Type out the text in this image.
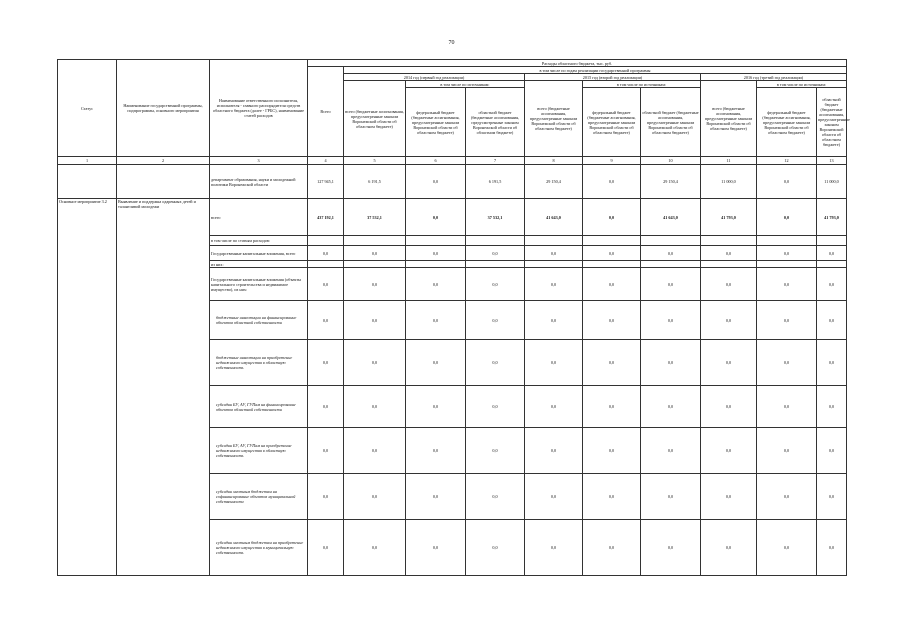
70
Статус	Наименование государственной программы, подпрограммы, основного мероприятия	Наименование ответственного исполнителя, исполнителя - главного распорядителя средств областного бюджета (далее - ГРБС), наименование статей расходов	Расходы областного бюджета, тыс. руб.									
			Всего	в том числе по годам реализации государственной программы								
				2014 год (первый год реализации)			2015 год (второй год реализации)			2016 год (третий год реализации)		
				всего (бюджетные ассигнования, предусмотренные законом Воронежской области об областном бюджете)	в том числе по источникам:		всего (бюджетные ассигнования, предусмотренные законом Воронежской области об областном бюджете)	в том числе по источникам:		всего (бюджетные ассигнования, предусмотренные законом Воронежской области об областном бюджете)	в том числе по источникам:	
					федеральный бюджет (бюджетные ассигнования, предусмотренные законом Воронежской области об областном бюджете)	областной бюджет (бюджетные ассигнования, предусмотренные законом Воронежской области об областном бюджете)		федеральный бюджет (бюджетные ассигнования, предусмотренные законом Воронежской области об областном бюджете)	областной бюджет (бюджетные ассигнования, предусмотренные законом Воронежской области об областном бюджете)		федеральный бюджет (бюджетные ассигнования, предусмотренные законом Воронежской области об областном бюджете)	областной бюджет (бюджетные ассигнования, предусмотренные законом Воронежской области об областном бюджете)
1	2	3	4	5	6	7	8	9	10	11	12	13
		департамент образования, науки и молодежной политики Воронежской области	127 945,1	6 191,5	0,0	6 191,5	29 150,4	0,0	29 150,4	11 000,0	0,0	11 000,0
Основное мероприятие 3.2	Выявление и поддержка одаренных детей и талантливой молодежи	всего	437 192,1	37 532,1	0,0	37 532,1	41 643,0	0,0	41 643,0	41 793,0	0,0	41 793,0
		в том числе по статьям расходов:										
		Государственные капитальные вложения, всего	0,0	0,0	0,0	0,0	0,0	0,0	0,0	0,0	0,0	0,0
		из них:										
		Государственные капитальные вложения (объекты капитального строительства и недвижимое имущество), из них:	0,0	0,0	0,0	0,0	0,0	0,0	0,0	0,0	0,0	0,0
		бюджетные инвестиции на финансирование объектов областной собственности	0,0	0,0	0,0	0,0	0,0	0,0	0,0	0,0	0,0	0,0
		бюджетные инвестиции на приобретение недвижимого имущества в областную собственность	0,0	0,0	0,0	0,0	0,0	0,0	0,0	0,0	0,0	0,0
		субсидии БУ, АУ, ГУПам на финансирование объектов областной собственности	0,0	0,0	0,0	0,0	0,0	0,0	0,0	0,0	0,0	0,0
		субсидии БУ, АУ, ГУПам на приобретение недвижимого имущества в областную собственность	0,0	0,0	0,0	0,0	0,0	0,0	0,0	0,0	0,0	0,0
		субсидии местным бюджетам на софинансирование объектов муниципальной собственности	0,0	0,0	0,0	0,0	0,0	0,0	0,0	0,0	0,0	0,0
		субсидии местным бюджетам на приобретение недвижимого имущества в муниципальную собственность	0,0	0,0	0,0	0,0	0,0	0,0	0,0	0,0	0,0	0,0
